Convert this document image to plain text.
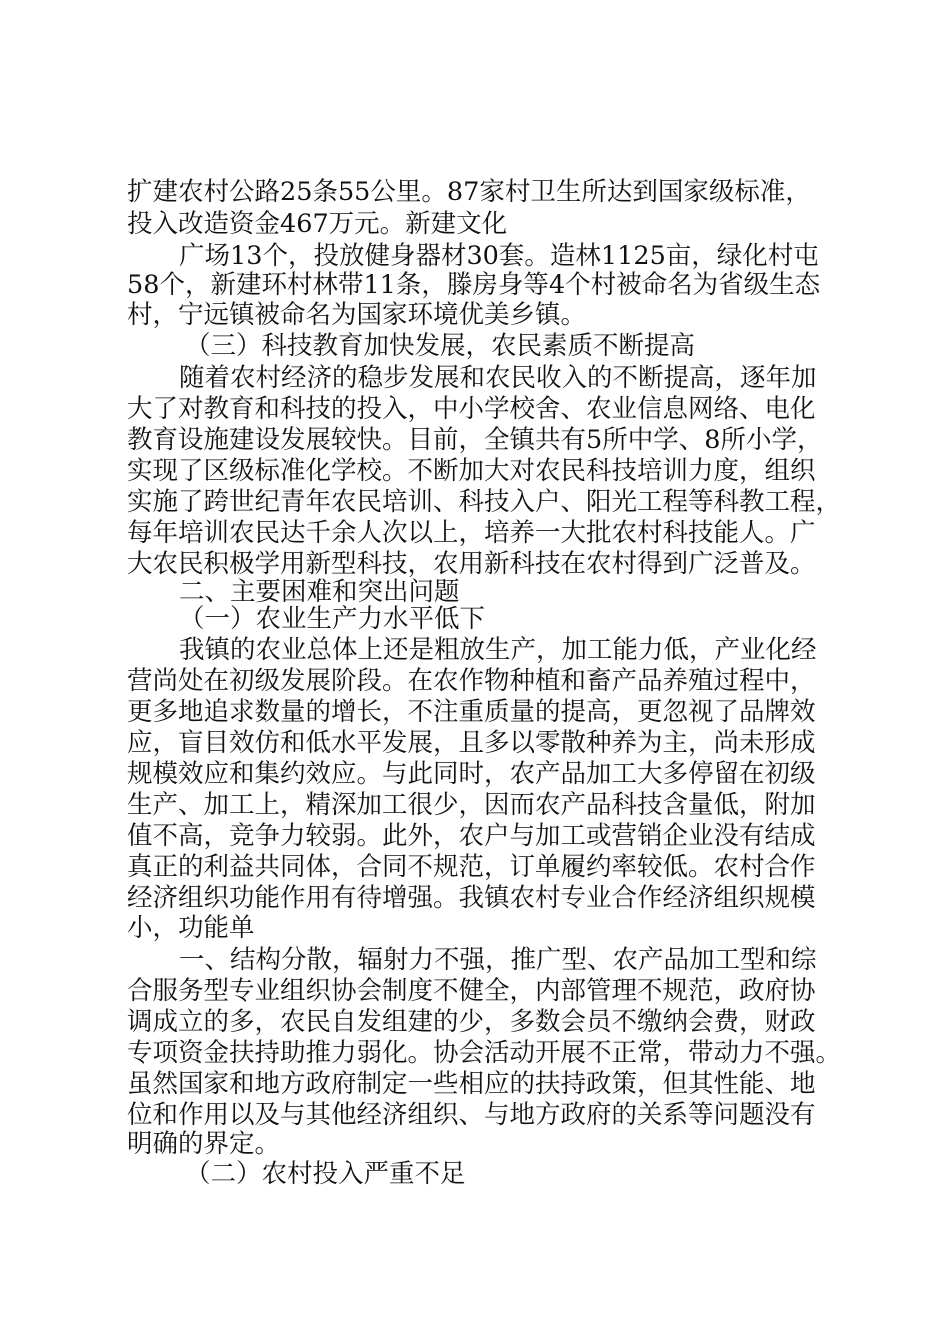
扩建农村公路25条55公里。87家村卫生所达到国家级标准，
投入改造资金467万元。新建文化
广场13个，投放健身器材30套。造林1125亩，绿化村屯
58个，新建环村林带11条，滕房身等4个村被命名为省级生态
村，宁远镇被命名为国家环境优美乡镇。
（三）科技教育加快发展，农民素质不断提高
随着农村经济的稳步发展和农民收入的不断提高，逐年加
大了对教育和科技的投入，中小学校舍、农业信息网络、电化
教育设施建设发展较快。目前，全镇共有5所中学、8所小学，
实现了区级标准化学校。不断加大对农民科技培训力度，组织
实施了跨世纪青年农民培训、科技入户、阳光工程等科教工程，
每年培训农民达千余人次以上，培养一大批农村科技能人。广
大农民积极学用新型科技，农用新科技在农村得到广泛普及。
二、主要困难和突出问题
（一）农业生产力水平低下
我镇的农业总体上还是粗放生产，加工能力低，产业化经
营尚处在初级发展阶段。在农作物种植和畜产品养殖过程中，
更多地追求数量的增长，不注重质量的提高，更忽视了品牌效
应，盲目效仿和低水平发展，且多以零散种养为主，尚未形成
规模效应和集约效应。与此同时，农产品加工大多停留在初级
生产、加工上，精深加工很少，因而农产品科技含量低，附加
值不高，竞争力较弱。此外，农户与加工或营销企业没有结成
真正的利益共同体，合同不规范，订单履约率较低。农村合作
经济组织功能作用有待增强。我镇农村专业合作经济组织规模
小，功能单
一、结构分散，辐射力不强，推广型、农产品加工型和综
合服务型专业组织协会制度不健全，内部管理不规范，政府协
调成立的多，农民自发组建的少，多数会员不缴纳会费，财政
专项资金扶持助推力弱化。协会活动开展不正常，带动力不强。
虽然国家和地方政府制定一些相应的扶持政策，但其性能、地
位和作用以及与其他经济组织、与地方政府的关系等问题没有
明确的界定。
（二）农村投入严重不足
